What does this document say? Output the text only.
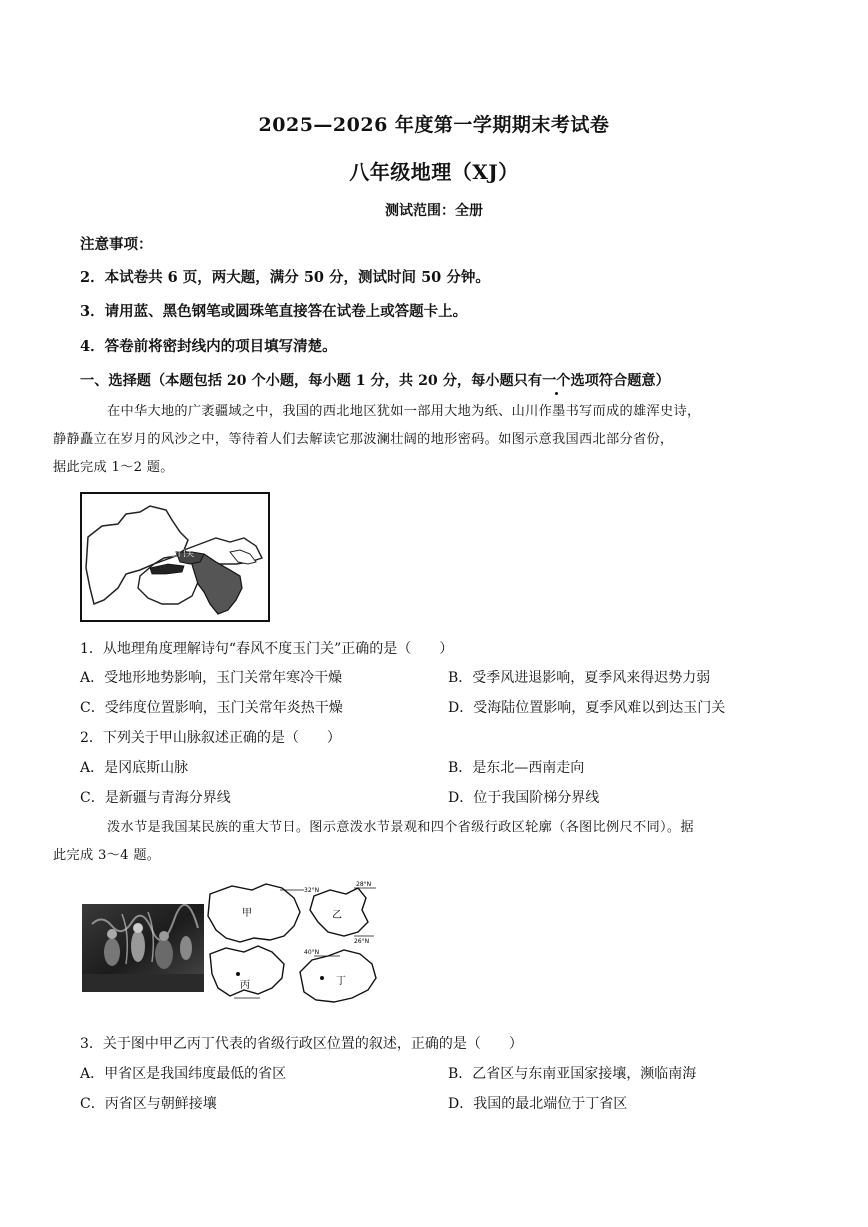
2025—2026 年度第一学期期末考试卷
八年级地理（XJ）
测试范围：全册
注意事项：
2．本试卷共 6 页，两大题，满分 50 分，测试时间 50 分钟。
3．请用蓝、黑色钢笔或圆珠笔直接答在试卷上或答题卡上。
4．答卷前将密封线内的项目填写清楚。
一、选择题（本题包括 20 个小题，每小题 1 分，共 20 分，每小题只有一个选项符合题意）
在中华大地的广袤疆域之中，我国的西北地区犹如一部用大地为纸、山川作墨书写而成的雄浑史诗，
静静矗立在岁月的风沙之中，等待着人们去解读它那波澜壮阔的地形密码。如图示意我国西北部分省份，
据此完成 1～2 题。
玉门关
甲
1．从地理角度理解诗句“春风不度玉门关”正确的是（　　）
A．受地形地势影响，玉门关常年寒冷干燥	B．受季风进退影响，夏季风来得迟势力弱
C．受纬度位置影响，玉门关常年炎热干燥	D．受海陆位置影响，夏季风难以到达玉门关
2．下列关于甲山脉叙述正确的是（　　）
A．是冈底斯山脉	B．是东北—西南走向
C．是新疆与青海分界线	D．位于我国阶梯分界线
泼水节是我国某民族的重大节日。图示意泼水节景观和四个省级行政区轮廓（各图比例尺不同）。据
此完成 3～4 题。
32°N
甲
28°N
26°N
乙
丙
40°N
丁
3．关于图中甲乙丙丁代表的省级行政区位置的叙述，正确的是（　　）
A．甲省区是我国纬度最低的省区	B．乙省区与东南亚国家接壤，濒临南海
C．丙省区与朝鲜接壤	D．我国的最北端位于丁省区
